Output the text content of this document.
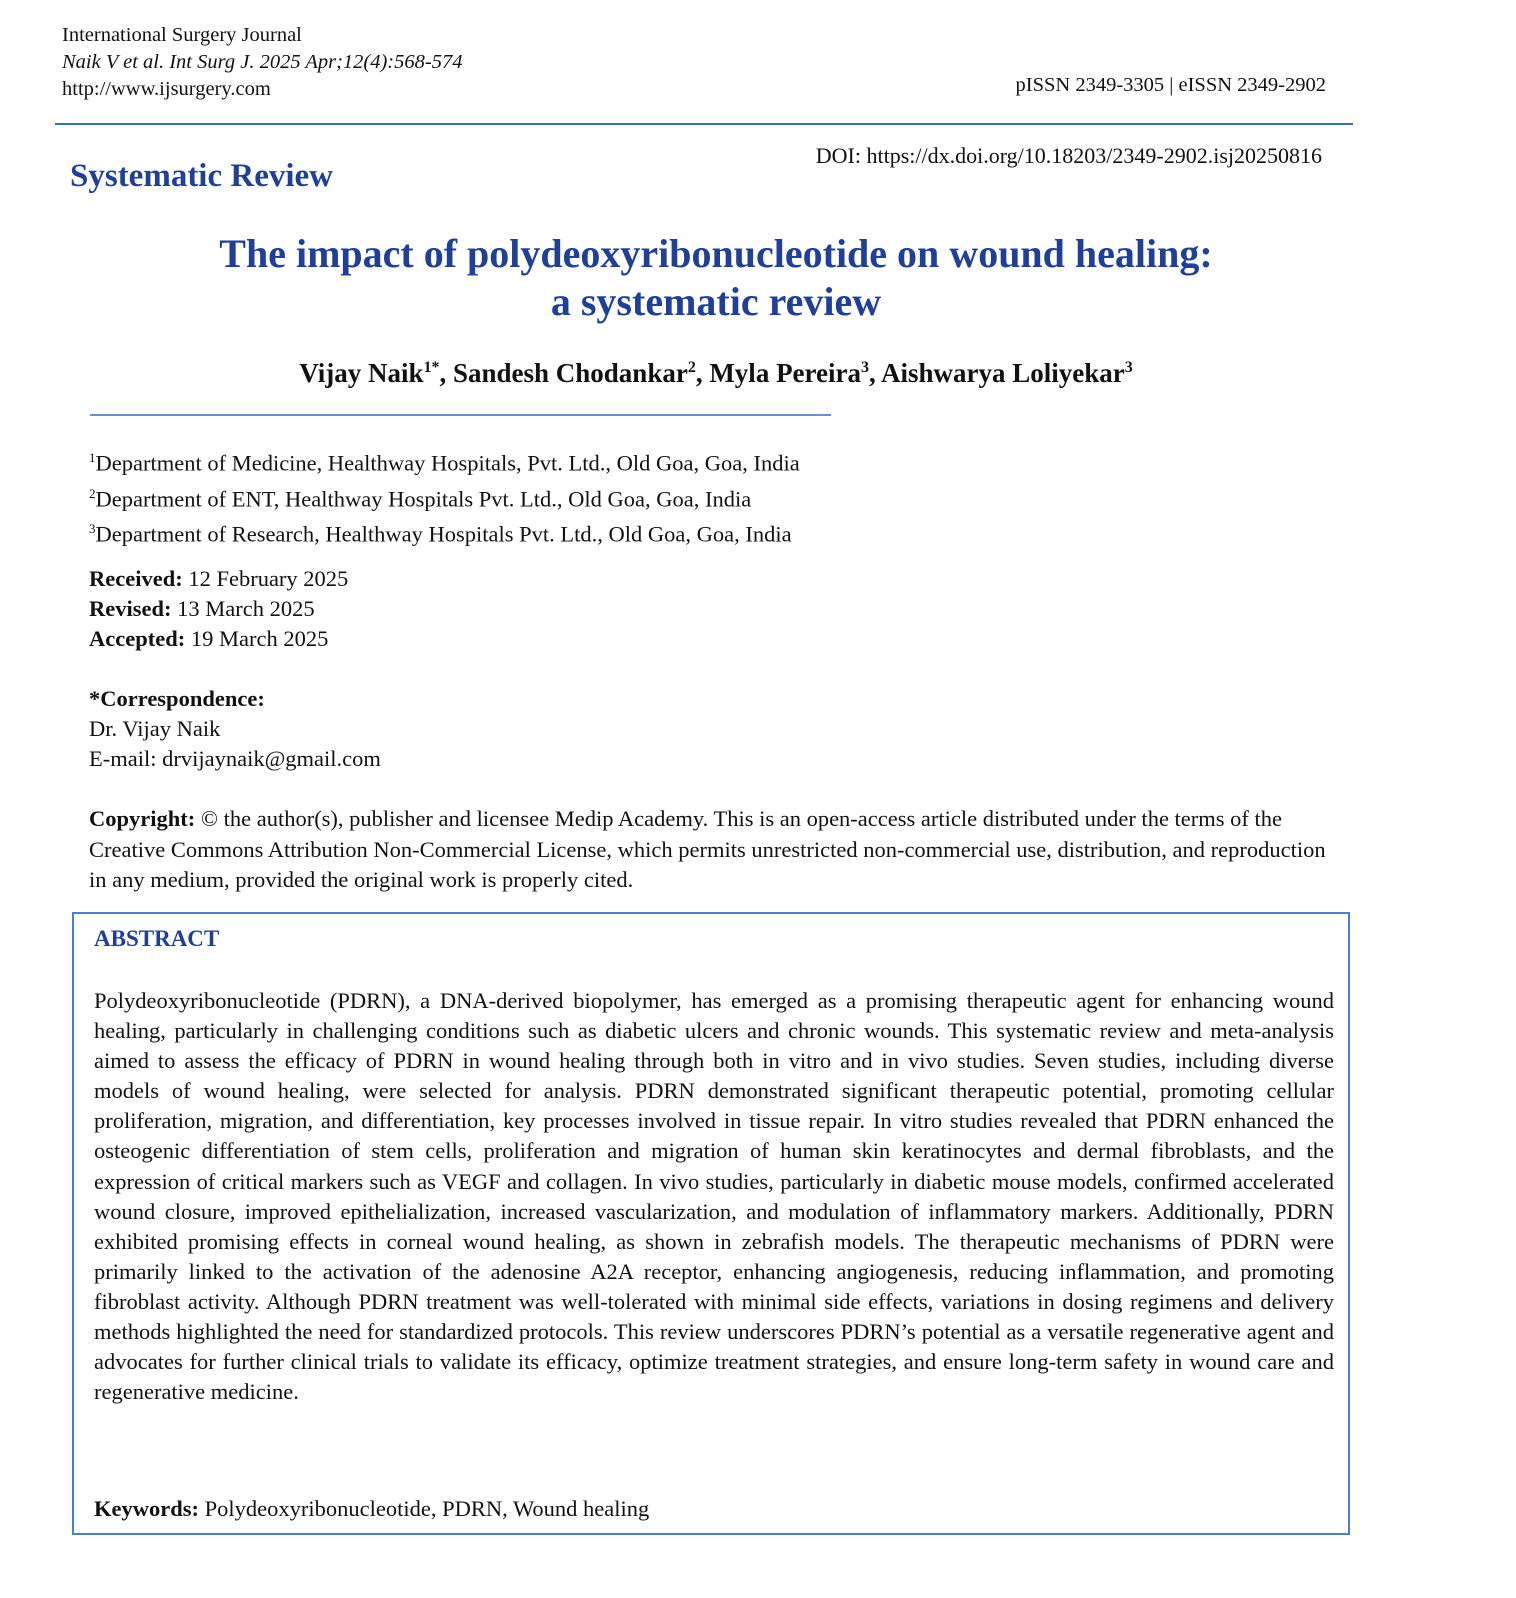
International Surgery Journal
Naik V et al. Int Surg J. 2025 Apr;12(4):568-574
http://www.ijsurgery.com	pISSN 2349-3305 | eISSN 2349-2902
Systematic Review
DOI: https://dx.doi.org/10.18203/2349-2902.isj20250816
The impact of polydeoxyribonucleotide on wound healing:
a systematic review
Vijay Naik$^{1*}$, Sandesh Chodankar$^2$, Myla Pereira$^3$, Aishwarya Loliyekar$^3$
$^1$Department of Medicine, Healthway Hospitals, Pvt. Ltd., Old Goa, Goa, India
$^2$Department of ENT, Healthway Hospitals Pvt. Ltd., Old Goa, Goa, India
$^3$Department of Research, Healthway Hospitals Pvt. Ltd., Old Goa, Goa, India
Received: 12 February 2025
Revised: 13 March 2025
Accepted: 19 March 2025
*Correspondence:
Dr. Vijay Naik
E-mail: drvijaynaik@gmail.com
Copyright: © the author(s), publisher and licensee Medip Academy. This is an open-access article distributed under the terms of the Creative Commons Attribution Non-Commercial License, which permits unrestricted non-commercial use, distribution, and reproduction in any medium, provided the original work is properly cited.
ABSTRACT
Polydeoxyribonucleotide (PDRN), a DNA-derived biopolymer, has emerged as a promising therapeutic agent for enhancing wound healing, particularly in challenging conditions such as diabetic ulcers and chronic wounds. This systematic review and meta-analysis aimed to assess the efficacy of PDRN in wound healing through both in vitro and in vivo studies. Seven studies, including diverse models of wound healing, were selected for analysis. PDRN demonstrated significant therapeutic potential, promoting cellular proliferation, migration, and differentiation, key processes involved in tissue repair. In vitro studies revealed that PDRN enhanced the osteogenic differentiation of stem cells, proliferation and migration of human skin keratinocytes and dermal fibroblasts, and the expression of critical markers such as VEGF and collagen. In vivo studies, particularly in diabetic mouse models, confirmed accelerated wound closure, improved epithelialization, increased vascularization, and modulation of inflammatory markers. Additionally, PDRN exhibited promising effects in corneal wound healing, as shown in zebrafish models. The therapeutic mechanisms of PDRN were primarily linked to the activation of the adenosine A2A receptor, enhancing angiogenesis, reducing inflammation, and promoting fibroblast activity. Although PDRN treatment was well-tolerated with minimal side effects, variations in dosing regimens and delivery methods highlighted the need for standardized protocols. This review underscores PDRN’s potential as a versatile regenerative agent and advocates for further clinical trials to validate its efficacy, optimize treatment strategies, and ensure long-term safety in wound care and regenerative medicine.
Keywords: Polydeoxyribonucleotide, PDRN, Wound healing
